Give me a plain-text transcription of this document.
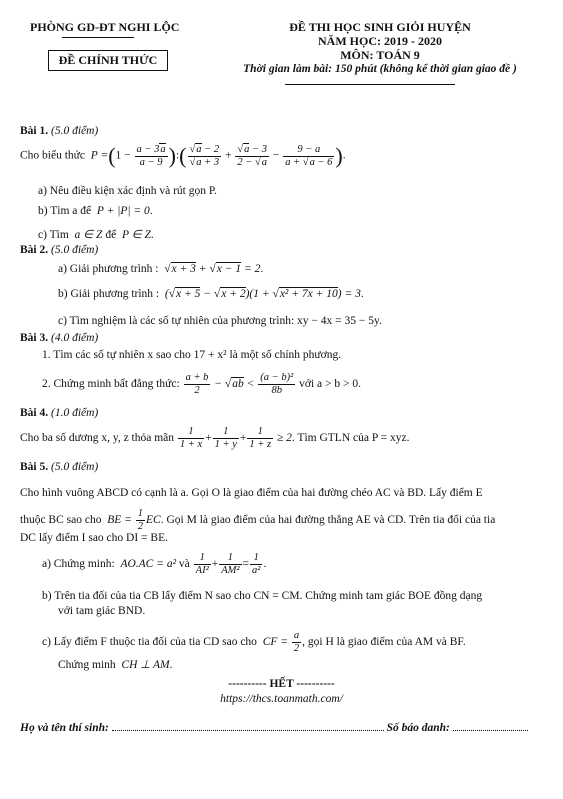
PHÒNG GD-ĐT NGHI LỘC
ĐỀ CHÍNH THỨC
ĐỀ THI HỌC SINH GIỎI HUYỆN
NĂM HỌC: 2019 - 2020
MÔN: TOÁN 9
Thời gian làm bài: 150 phút (không kể thời gian giao đề )
Bài 1. (5.0 điểm)
Cho biểu thức  $P =(1 - \frac{a - 3a}{a - 9}$ ):( $\frac{√a - 2}{√a + 3} + \frac{√a - 3}{2 - √a} - \frac{9 - a}{a + √a - 6}$ ).
a) Nêu điều kiện xác định và rút gọn P.
b) Tìm a để  P + |P| = 0.
c) Tìm  a ∈ Z để  P ∈ Z.
Bài 2. (5.0 điểm)
a) Giải phương trình :  √x + 3 + √x − 1 = 2.
b) Giải phương trình :  (√x + 5 − √x + 2)(1 + √x² + 7x + 10) = 3.
c) Tìm nghiệm là các số tự nhiên của phương trình: xy − 4x = 35 − 5y.
Bài 3. (4.0 điểm)
1. Tìm các số tự nhiên x sao cho 17 + x² là một số chính phương.
2. Chứng minh bất đẳng thức: $\frac{a + b}{2} - √ab < \frac{\text{(a − b)²}}{8b}$ với a > b > 0.
Bài 4. (1.0 điểm)
Cho ba số dương x, y, z thỏa mãn $\frac{1}{1 + x} + \frac{1}{1 + y} + \frac{1}{1 + z} \ge 2$. Tìm GTLN của P = xyz.
Bài 5. (5.0 điểm)
Cho hình vuông ABCD có cạnh là a. Gọi O là giao điểm của hai đường chéo AC và BD. Lấy điểm E
thuộc BC sao cho  BE = $\frac{1}{2}$ EC. Gọi M là giao điểm của hai đường thẳng AE và CD. Trên tia đối của tia
DC lấy điểm I sao cho DI = BE.
a) Chứng minh:  AO.AC = a² và $\frac{1}{\text{AI²}} + \frac{1}{\text{AM²}} = \frac{1}{\text{a²}}$ .
b) Trên tia đối của tia CB lấy điểm N sao cho CN = CM. Chứng minh tam giác BOE đồng dạng
với tam giác BND.
c) Lấy điểm F thuộc tia đối của tia CD sao cho  CF = $\frac{a}{2}$ , gọi H là giao điểm của AM và BF.
Chứng minh  CH ⊥ AM.
---------- HẾT ----------
https://thcs.toanmath.com/
Họ và tên thí sinh:	Số báo danh:
